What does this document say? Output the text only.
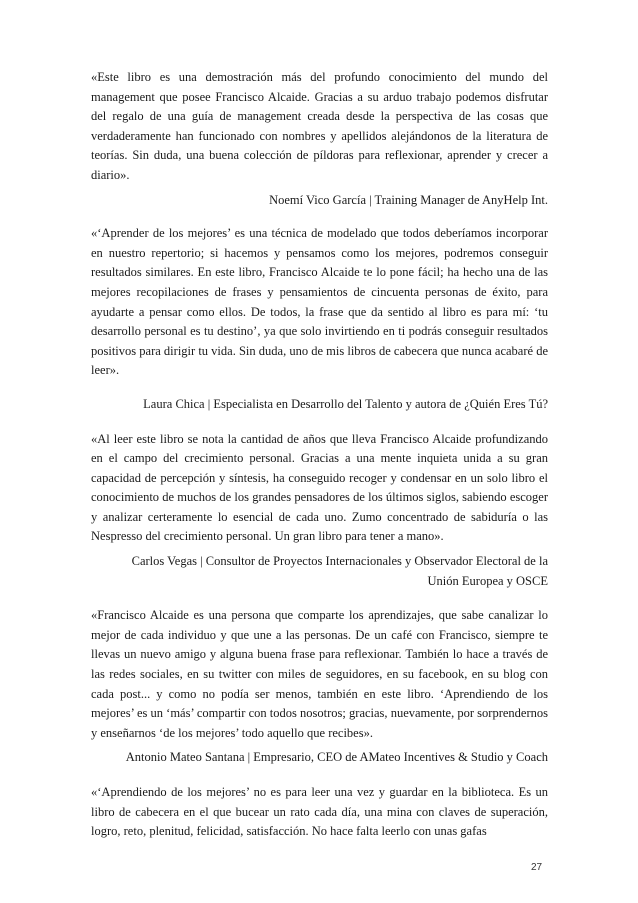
«Este libro es una demostración más del profundo conocimiento del mundo del management que posee Francisco Alcaide. Gracias a su arduo trabajo podemos disfrutar del regalo de una guía de management creada desde la perspectiva de las cosas que verdaderamente han funcionado con nombres y apellidos alejándonos de la literatura de teorías. Sin duda, una buena colección de píldoras para reflexionar, aprender y crecer a diario».

Noemí Vico García | Training Manager de AnyHelp Int.

«‘Aprender de los mejores’ es una técnica de modelado que todos deberíamos incorporar en nuestro repertorio; si hacemos y pensamos como los mejores, podremos conseguir resultados similares. En este libro, Francisco Alcaide te lo pone fácil; ha hecho una de las mejores recopilaciones de frases y pensamientos de cincuenta personas de éxito, para ayudarte a pensar como ellos. De todos, la frase que da sentido al libro es para mí: ‘tu desarrollo personal es tu destino’, ya que solo invirtiendo en ti podrás conseguir resultados positivos para dirigir tu vida. Sin duda, uno de mis libros de cabecera que nunca acabaré de leer».

Laura Chica | Especialista en Desarrollo del Talento y autora de ¿Quién Eres Tú?

«Al leer este libro se nota la cantidad de años que lleva Francisco Alcaide profundizando en el campo del crecimiento personal. Gracias a una mente inquieta unida a su gran capacidad de percepción y síntesis, ha conseguido recoger y condensar en un solo libro el conocimiento de muchos de los grandes pensadores de los últimos siglos, sabiendo escoger y analizar certeramente lo esencial de cada uno. Zumo concentrado de sabiduría o las Nespresso del crecimiento personal. Un gran libro para tener a mano».

Carlos Vegas | Consultor de Proyectos Internacionales y Observador Electoral de la

Unión Europea y OSCE

«Francisco Alcaide es una persona que comparte los aprendizajes, que sabe canalizar lo mejor de cada individuo y que une a las personas. De un café con Francisco, siempre te llevas un nuevo amigo y alguna buena frase para reflexionar. También lo hace a través de las redes sociales, en su twitter con miles de seguidores, en su facebook, en su blog con cada post... y como no podía ser menos, también en este libro. ‘Aprendiendo de los mejores’ es un ‘más’ compartir con todos nosotros; gracias, nuevamente, por sorprendernos y enseñarnos ‘de los mejores’ todo aquello que recibes».

Antonio Mateo Santana | Empresario, CEO de AMateo Incentives & Studio y Coach

«‘Aprendiendo de los mejores’ no es para leer una vez y guardar en la biblioteca. Es un libro de cabecera en el que bucear un rato cada día, una mina con claves de superación, logro, reto, plenitud, felicidad, satisfacción. No hace falta leerlo con unas gafas

27
